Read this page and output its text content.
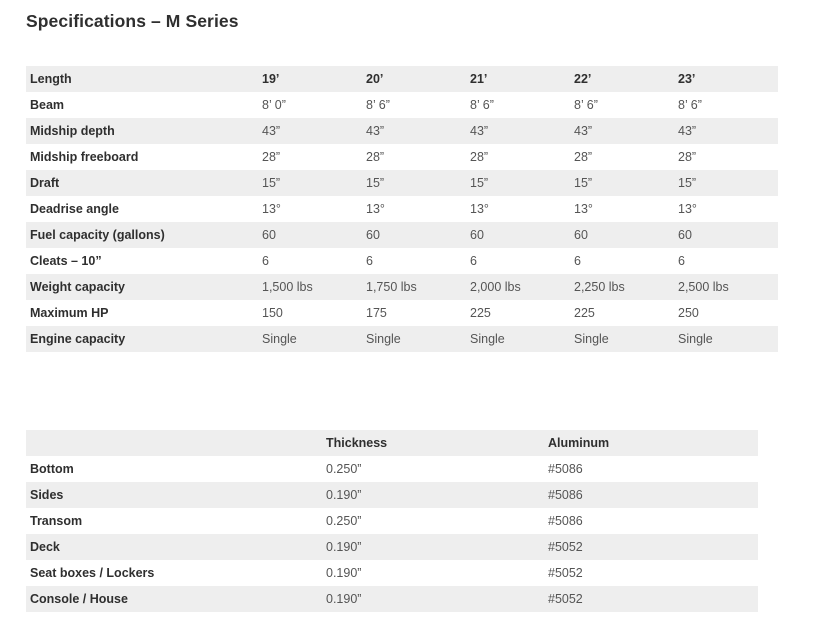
Specifications – M Series
Length	19’	20’	21’	22’	23’
Beam	8’ 0”	8’ 6”	8’ 6”	8’ 6”	8’ 6”
Midship depth	43”	43”	43”	43”	43”
Midship freeboard	28”	28”	28”	28”	28”
Draft	15”	15”	15”	15”	15”
Deadrise angle	13°	13°	13°	13°	13°
Fuel capacity (gallons)	60	60	60	60	60
Cleats – 10”	6	6	6	6	6
Weight capacity	1,500 lbs	1,750 lbs	2,000 lbs	2,250 lbs	2,500 lbs
Maximum HP	150	175	225	225	250
Engine capacity	Single	Single	Single	Single	Single
	Thickness	Aluminum
Bottom	0.250”	#5086
Sides	0.190”	#5086
Transom	0.250”	#5086
Deck	0.190”	#5052
Seat boxes / Lockers	0.190”	#5052
Console / House	0.190”	#5052
